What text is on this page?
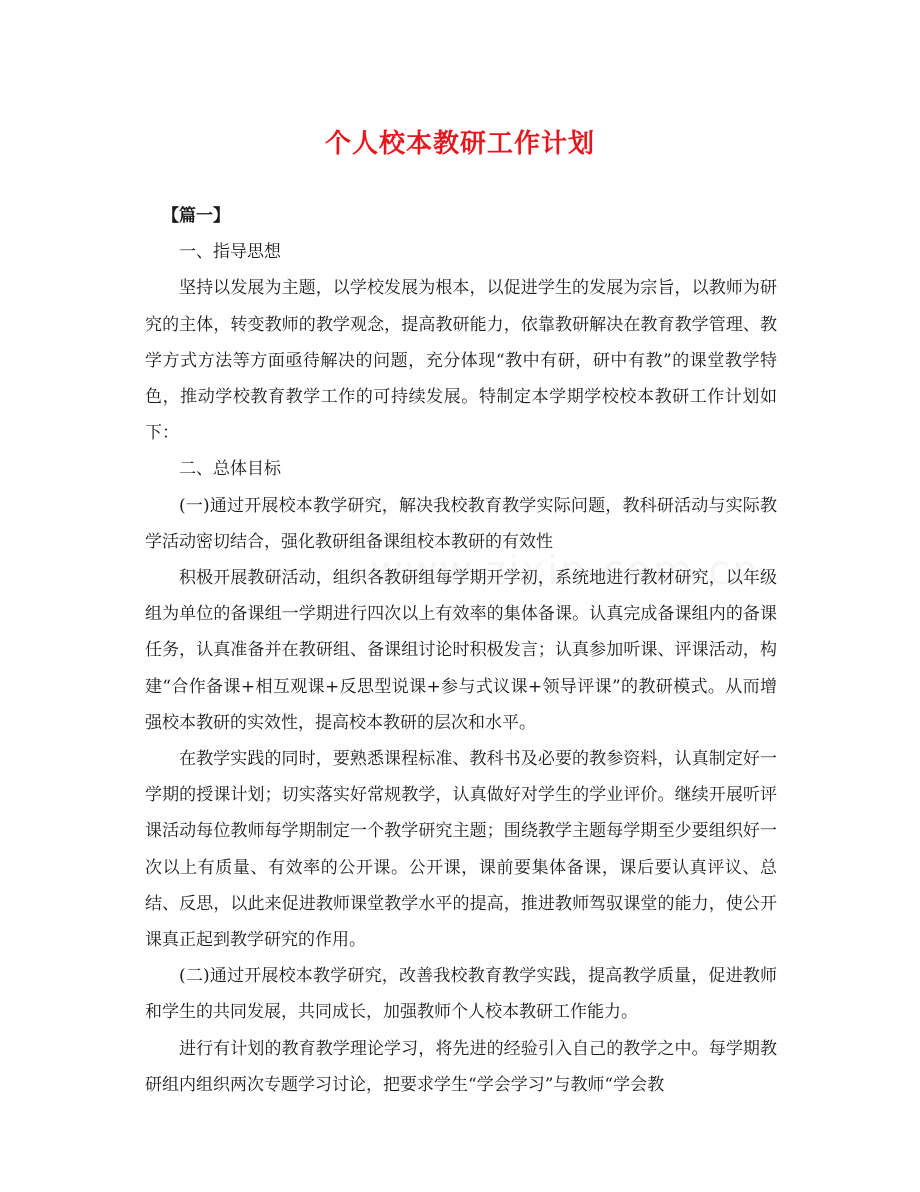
个人校本教研工作计划

【篇一】

一、指导思想

坚持以发展为主题，以学校发展为根本，以促进学生的发展为宗旨，以教师为研究的主体，转变教师的教学观念，提高教研能力，依靠教研解决在教育教学管理、教学方式方法等方面亟待解决的问题，充分体现“教中有研，研中有教”的课堂教学特色，推动学校教育教学工作的可持续发展。特制定本学期学校校本教研工作计划如下：

二、总体目标

(一)通过开展校本教学研究，解决我校教育教学实际问题，教科研活动与实际教学活动密切结合，强化教研组备课组校本教研的有效性

积极开展教研活动，组织各教研组每学期开学初，系统地进行教材研究，以年级组为单位的备课组一学期进行四次以上有效率的集体备课。认真完成备课组内的备课任务，认真准备并在教研组、备课组讨论时积极发言；认真参加听课、评课活动，构建“合作备课+相互观课+反思型说课+参与式议课+领导评课”的教研模式。从而增强校本教研的实效性，提高校本教研的层次和水平。

在教学实践的同时，要熟悉课程标准、教科书及必要的教参资料，认真制定好一学期的授课计划；切实落实好常规教学，认真做好对学生的学业评价。继续开展听评课活动每位教师每学期制定一个教学研究主题；围绕教学主题每学期至少要组织好一次以上有质量、有效率的公开课。公开课，课前要集体备课，课后要认真评议、总结、反思，以此来促进教师课堂教学水平的提高，推进教师驾驭课堂的能力，使公开课真正起到教学研究的作用。

(二)通过开展校本教学研究，改善我校教育教学实践，提高教学质量，促进教师和学生的共同发展，共同成长，加强教师个人校本教研工作能力。

进行有计划的教育教学理论学习，将先进的经验引入自己的教学之中。每学期教研组内组织两次专题学习讨论，把要求学生“学会学习”与教师“学会教
